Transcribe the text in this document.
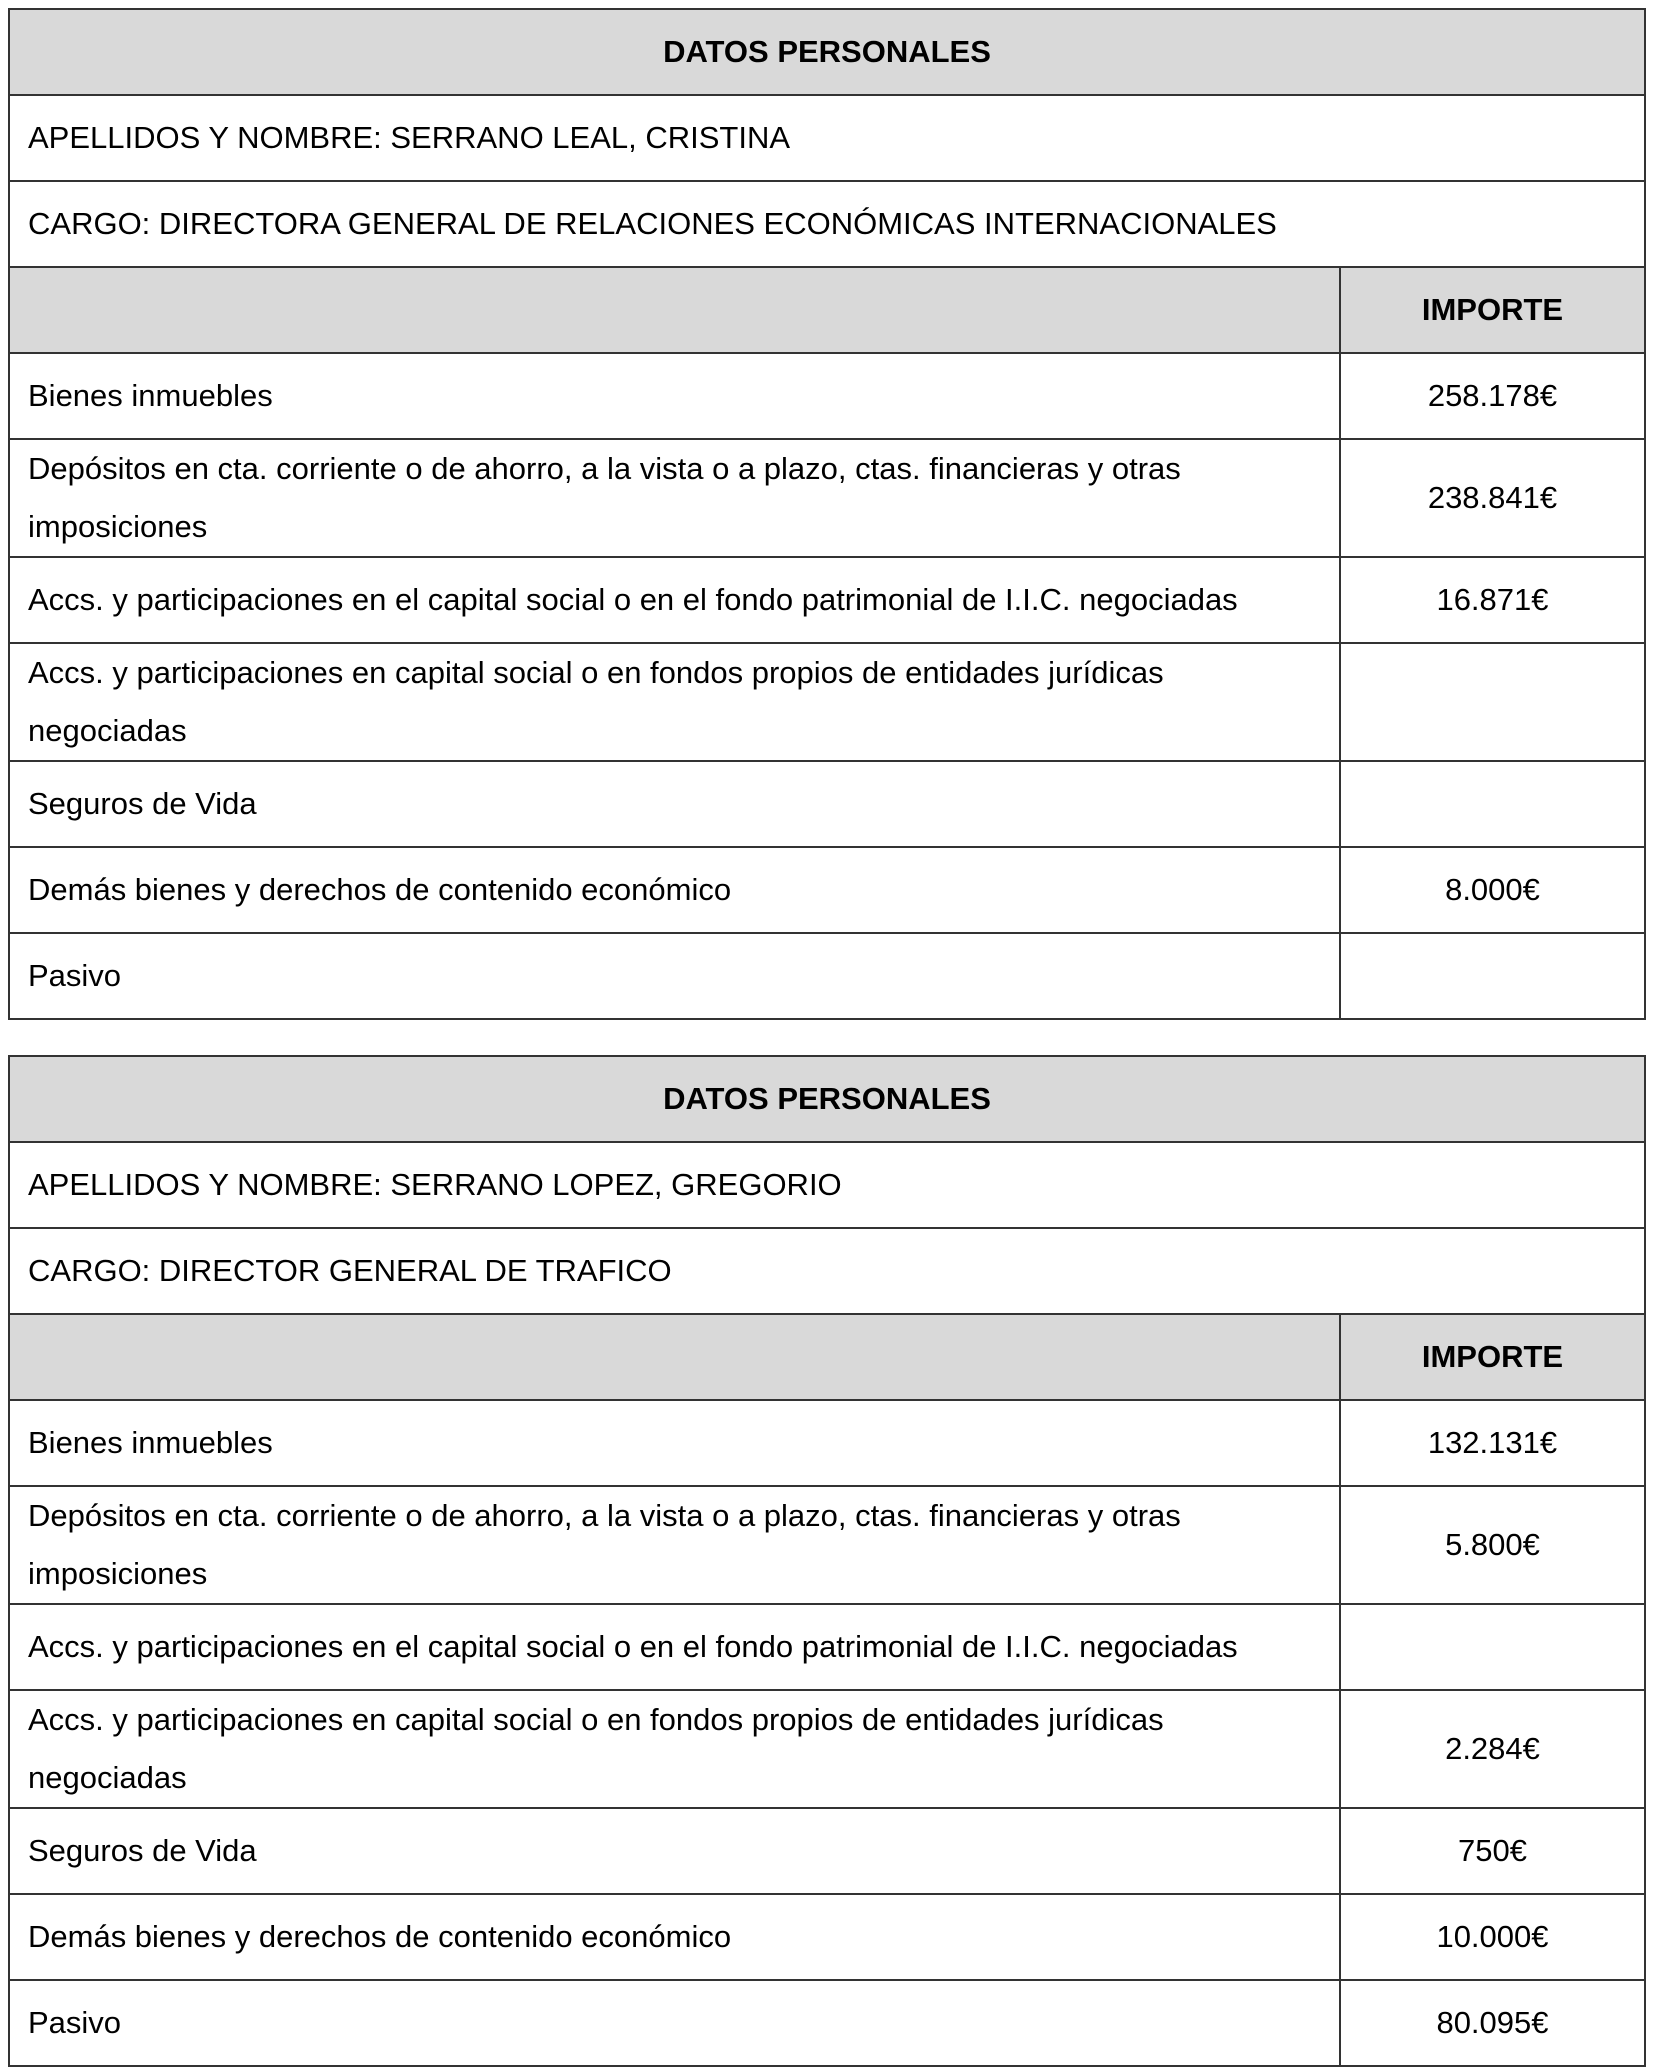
DATOS PERSONALES	
APELLIDOS Y NOMBRE: SERRANO LEAL, CRISTINA	
CARGO: DIRECTORA GENERAL DE RELACIONES ECONÓMICAS INTERNACIONALES	
	IMPORTE
Bienes inmuebles	258.178€
Depósitos en cta. corriente o de ahorro, a la vista o a plazo, ctas. financieras y otras imposiciones	238.841€
Accs. y participaciones en el capital social o en el fondo patrimonial de I.I.C. negociadas	16.871€
Accs. y participaciones en capital social o en fondos propios de entidades jurídicas negociadas	
Seguros de Vida	
Demás bienes y derechos de contenido económico	8.000€
Pasivo	
DATOS PERSONALES	
APELLIDOS Y NOMBRE: SERRANO LOPEZ, GREGORIO	
CARGO: DIRECTOR GENERAL DE TRAFICO	
	IMPORTE
Bienes inmuebles	132.131€
Depósitos en cta. corriente o de ahorro, a la vista o a plazo, ctas. financieras y otras imposiciones	5.800€
Accs. y participaciones en el capital social o en el fondo patrimonial de I.I.C. negociadas	
Accs. y participaciones en capital social o en fondos propios de entidades jurídicas negociadas	2.284€
Seguros de Vida	750€
Demás bienes y derechos de contenido económico	10.000€
Pasivo	80.095€
